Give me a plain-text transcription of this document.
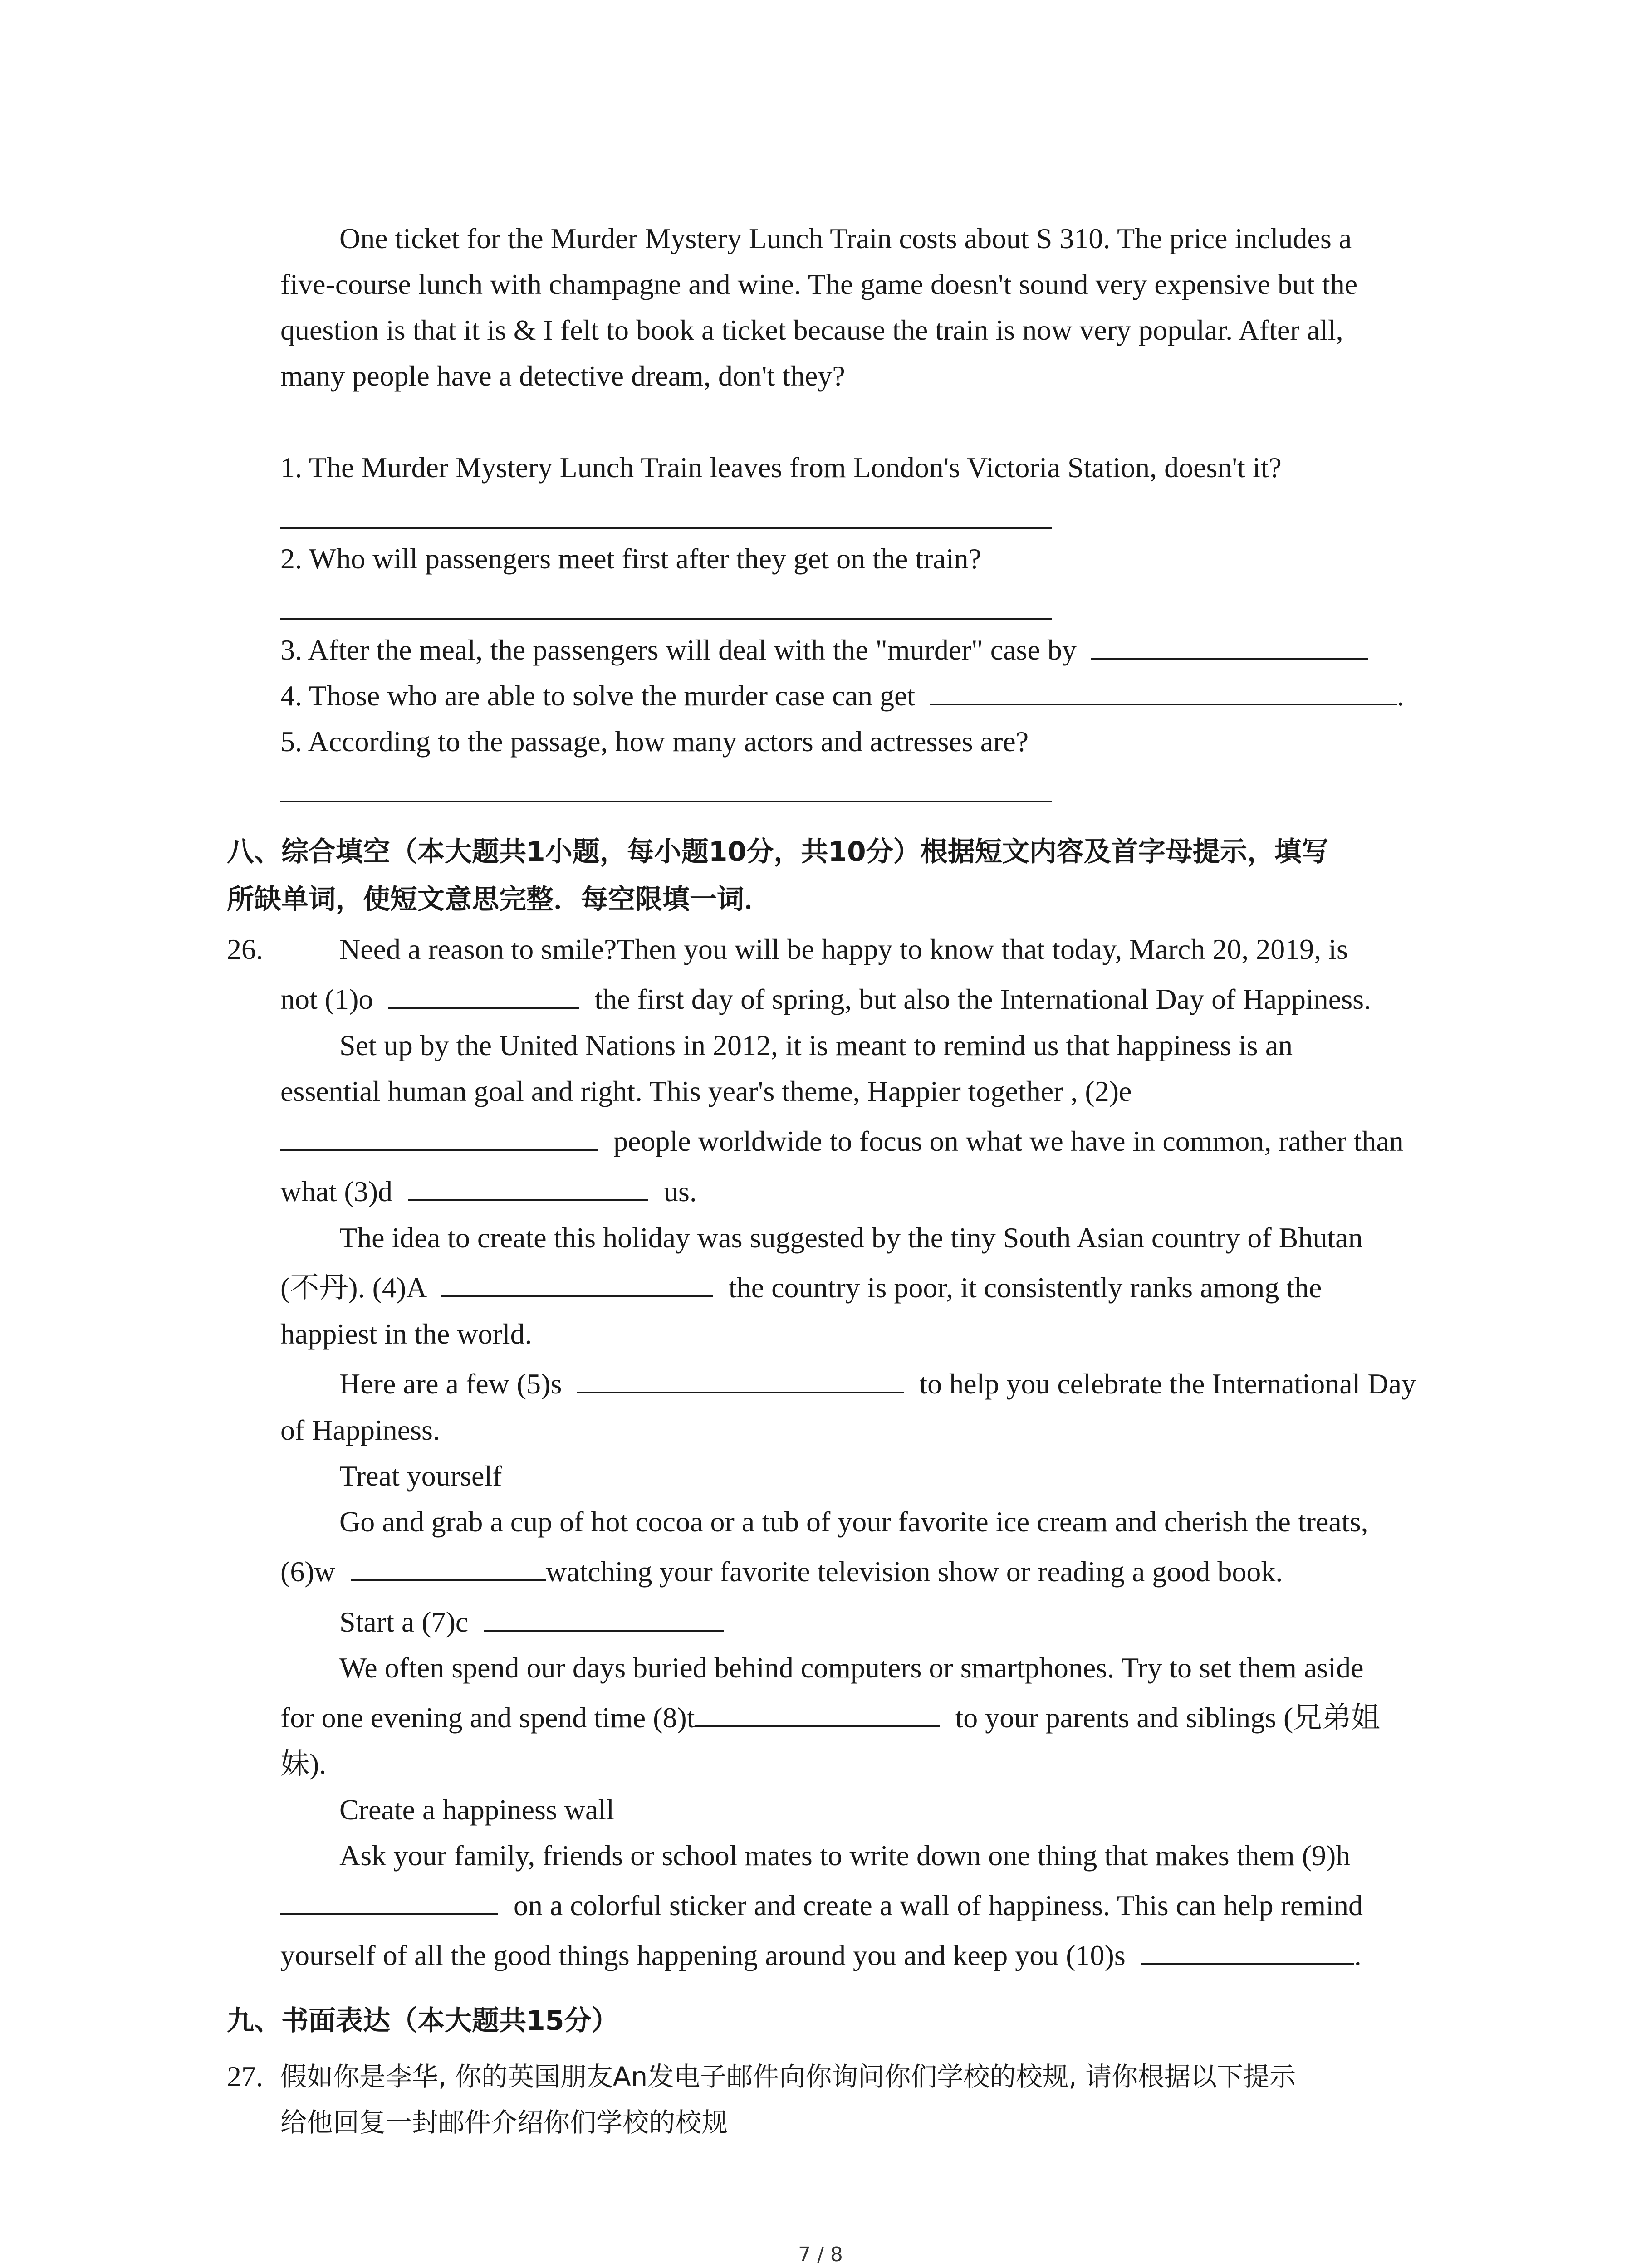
One ticket for the Murder Mystery Lunch Train costs about S 310. The price includes a
five-course lunch with champagne and wine. The game doesn't sound very expensive but the
question is that it is & I felt to book a ticket because the train is now very popular. After all,
many people have a detective dream, don't they?
1. The Murder Mystery Lunch Train leaves from London's Victoria Station, doesn't it?
2. Who will passengers meet first after they get on the train?
3. After the meal, the passengers will deal with the "murder" case by
4. Those who are able to solve the murder case can get	.
5. According to the passage, how many actors and actresses are?
八、综合填空（本大题共1小题，每小题10分，共10分）根据短文内容及首字母提示，填写
所缺单词，使短文意思完整．每空限填一词．
26.	Need a reason to smile?Then you will be happy to know that today, March 20, 2019, is
not (1)o	the first day of spring, but also the International Day of Happiness.
Set up by the United Nations in 2012, it is meant to remind us that happiness is an
essential human goal and right. This year's theme, Happier together , (2)e
people worldwide to focus on what we have in common, rather than
what (3)d	us.
The idea to create this holiday was suggested by the tiny South Asian country of Bhutan
(不丹). (4)A	the country is poor, it consistently ranks among the
happiest in the world.
Here are a few (5)s	to help you celebrate the International Day
of Happiness.
Treat yourself
Go and grab a cup of hot cocoa or a tub of your favorite ice cream and cherish the treats,
(6)w	watching your favorite television show or reading a good book.
Start a (7)c
We often spend our days buried behind computers or smartphones. Try to set them aside
for one evening and spend time (8)t	to your parents and siblings (兄弟姐
妹).
Create a happiness wall
Ask your family, friends or school mates to write down one thing that makes them (9)h
on a colorful sticker and create a wall of happiness. This can help remind
yourself of all the good things happening around you and keep you (10)s	.
九、书面表达（本大题共15分）
27. 假如你是李华, 你的英国朋友An发电子邮件向你询问你们学校的校规, 请你根据以下提示
给他回复一封邮件介绍你们学校的校规
7 / 8
